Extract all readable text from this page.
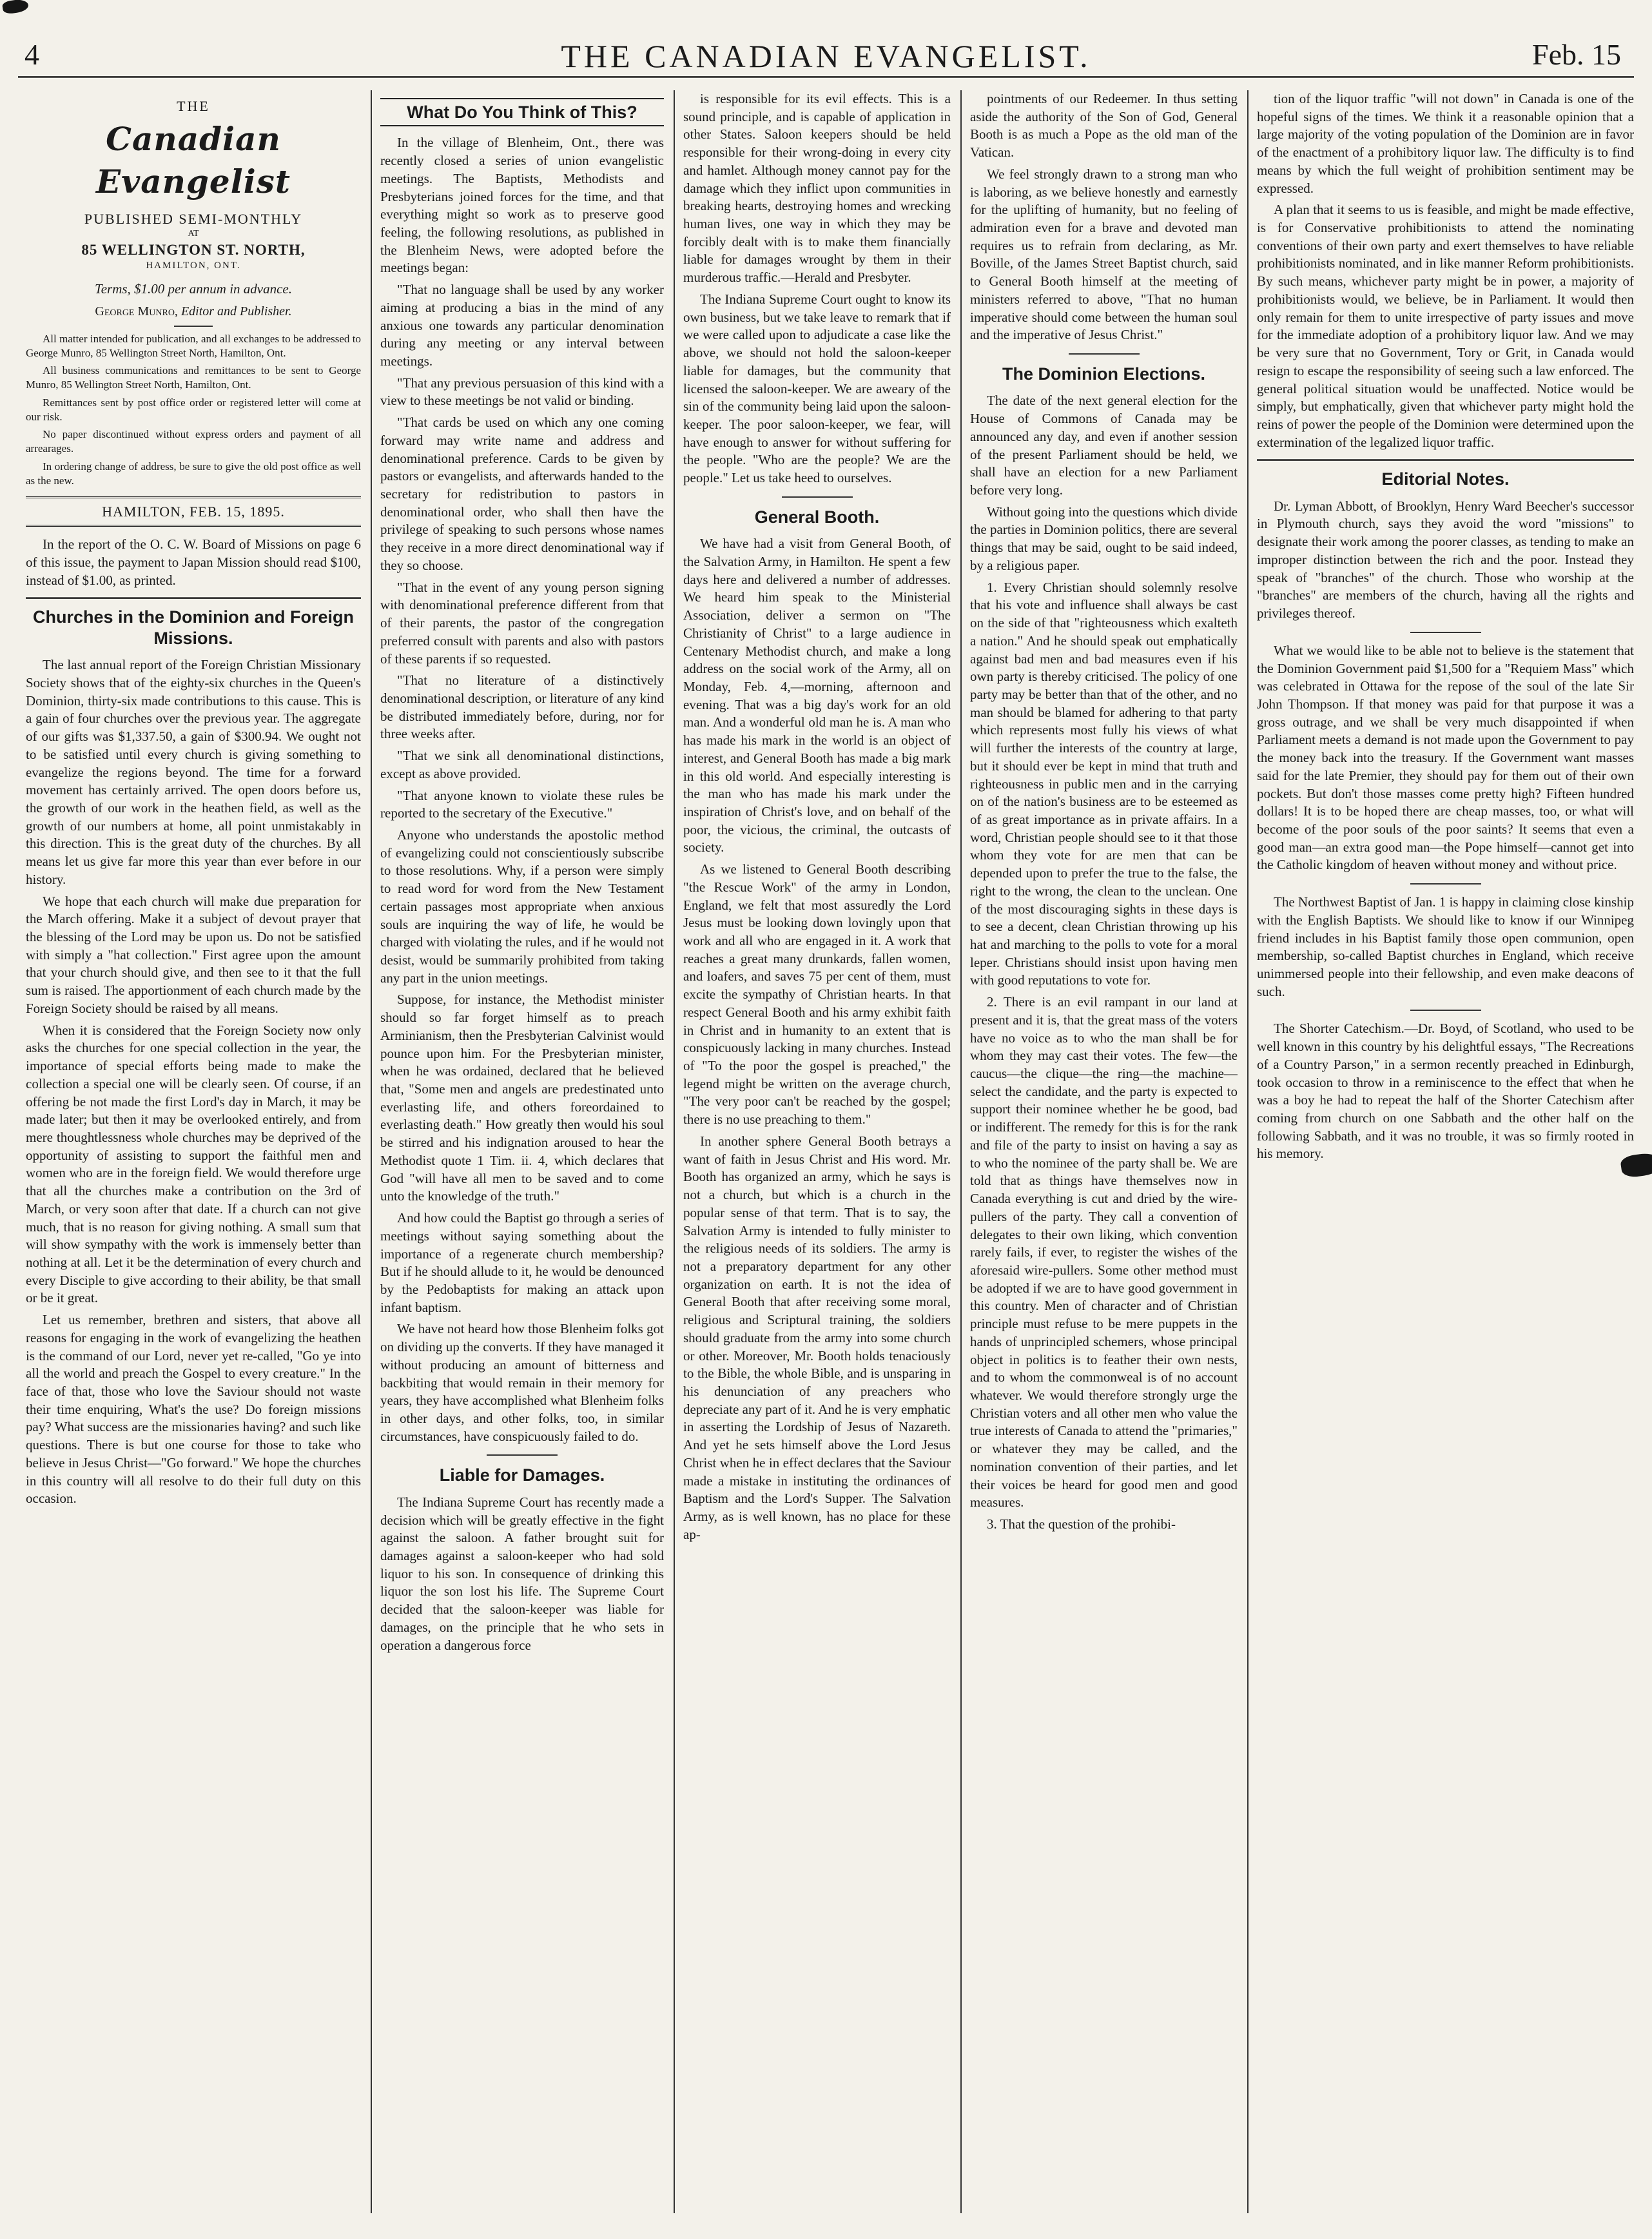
4	THE CANADIAN EVANGELIST.	Feb. 15
THE
Canadian Evangelist
PUBLISHED SEMI-MONTHLY
AT
85 WELLINGTON ST. NORTH,
HAMILTON, ONT.
Terms, $1.00 per annum in advance.
George Munro, Editor and Publisher.

All matter intended for publication, and all exchanges to be addressed to George Munro, 85 Wellington Street North, Hamilton, Ont.

All business communications and remittances to be sent to George Munro, 85 Wellington Street North, Hamilton, Ont.

Remittances sent by post office order or registered letter will come at our risk.

No paper discontinued without express orders and payment of all arrearages.

In ordering change of address, be sure to give the old post office as well as the new.

HAMILTON, FEB. 15, 1895.

In the report of the O. C. W. Board of Missions on page 6 of this issue, the payment to Japan Mission should read $100, instead of $1.00, as printed.

Churches in the Dominion and Foreign Missions.

The last annual report of the Foreign Christian Missionary Society shows that of the eighty-six churches in the Queen's Dominion, thirty-six made contributions to this cause. This is a gain of four churches over the previous year. The aggregate of our gifts was $1,337.50, a gain of $300.94. We ought not to be satisfied until every church is giving something to evangelize the regions beyond. The time for a forward movement has certainly arrived. The open doors before us, the growth of our work in the heathen field, as well as the growth of our numbers at home, all point unmistakably in this direction. This is the great duty of the churches. By all means let us give far more this year than ever before in our history.

We hope that each church will make due preparation for the March offering. Make it a subject of devout prayer that the blessing of the Lord may be upon us. Do not be satisfied with simply a "hat collection." First agree upon the amount that your church should give, and then see to it that the full sum is raised. The apportionment of each church made by the Foreign Society should be raised by all means.

When it is considered that the Foreign Society now only asks the churches for one special collection in the year, the importance of special efforts being made to make the collection a special one will be clearly seen. Of course, if an offering be not made the first Lord's day in March, it may be made later; but then it may be overlooked entirely, and from mere thoughtlessness whole churches may be deprived of the opportunity of assisting to support the faithful men and women who are in the foreign field. We would therefore urge that all the churches make a contribution on the 3rd of March, or very soon after that date. If a church can not give much, that is no reason for giving nothing. A small sum that will show sympathy with the work is immensely better than nothing at all. Let it be the determination of every church and every Disciple to give according to their ability, be that small or be it great.

Let us remember, brethren and sisters, that above all reasons for engaging in the work of evangelizing the heathen is the command of our Lord, never yet re-called, "Go ye into all the world and preach the Gospel to every creature." In the face of that, those who love the Saviour should not waste their time enquiring, What's the use? Do foreign missions pay? What success are the missionaries having? and such like questions. There is but one course for those to take who believe in Jesus Christ—"Go forward." We hope the churches in this country will all resolve to do their full duty on this occasion.

What Do You Think of This?

In the village of Blenheim, Ont., there was recently closed a series of union evangelistic meetings. The Baptists, Methodists and Presbyterians joined forces for the time, and that everything might so work as to preserve good feeling, the following resolutions, as published in the Blenheim News, were adopted before the meetings began:

"That no language shall be used by any worker aiming at producing a bias in the mind of any anxious one towards any particular denomination during any meeting or any interval between meetings.

"That any previous persuasion of this kind with a view to these meetings be not valid or binding.

"That cards be used on which any one coming forward may write name and address and denominational preference. Cards to be given by pastors or evangelists, and afterwards handed to the secretary for redistribution to pastors in denominational order, who shall then have the privilege of speaking to such persons whose names they receive in a more direct denominational way if they so choose.

"That in the event of any young person signing with denominational preference different from that of their parents, the pastor of the congregation preferred consult with parents and also with pastors of these parents if so requested.

"That no literature of a distinctively denominational description, or literature of any kind be distributed immediately before, during, nor for three weeks after.

"That we sink all denominational distinctions, except as above provided.

"That anyone known to violate these rules be reported to the secretary of the Executive."

Anyone who understands the apostolic method of evangelizing could not conscientiously subscribe to those resolutions. Why, if a person were simply to read word for word from the New Testament certain passages most appropriate when anxious souls are inquiring the way of life, he would be charged with violating the rules, and if he would not desist, would be summarily prohibited from taking any part in the union meetings.

Suppose, for instance, the Methodist minister should so far forget himself as to preach Arminianism, then the Presbyterian Calvinist would pounce upon him. For the Presbyterian minister, when he was ordained, declared that he believed that, "Some men and angels are predestinated unto everlasting life, and others foreordained to everlasting death." How greatly then would his soul be stirred and his indignation aroused to hear the Methodist quote 1 Tim. ii. 4, which declares that God "will have all men to be saved and to come unto the knowledge of the truth."

And how could the Baptist go through a series of meetings without saying something about the importance of a regenerate church membership? But if he should allude to it, he would be denounced by the Pedobaptists for making an attack upon infant baptism.

We have not heard how those Blenheim folks got on dividing up the converts. If they have managed it without producing an amount of bitterness and backbiting that would remain in their memory for years, they have accomplished what Blenheim folks in other days, and other folks, too, in similar circumstances, have conspicuously failed to do.

Liable for Damages.

The Indiana Supreme Court has recently made a decision which will be greatly effective in the fight against the saloon. A father brought suit for damages against a saloon-keeper who had sold liquor to his son. In consequence of drinking this liquor the son lost his life. The Supreme Court decided that the saloon-keeper was liable for damages, on the principle that he who sets in operation a dangerous force

is responsible for its evil effects. This is a sound principle, and is capable of application in other States. Saloon keepers should be held responsible for their wrong-doing in every city and hamlet. Although money cannot pay for the damage which they inflict upon communities in breaking hearts, destroying homes and wrecking human lives, one way in which they may be forcibly dealt with is to make them financially liable for damages wrought by them in their murderous traffic.—Herald and Presbyter.

The Indiana Supreme Court ought to know its own business, but we take leave to remark that if we were called upon to adjudicate a case like the above, we should not hold the saloon-keeper liable for damages, but the community that licensed the saloon-keeper. We are aweary of the sin of the community being laid upon the saloon-keeper. The poor saloon-keeper, we fear, will have enough to answer for without suffering for the people. "Who are the people? We are the people." Let us take heed to ourselves.

General Booth.

We have had a visit from General Booth, of the Salvation Army, in Hamilton. He spent a few days here and delivered a number of addresses. We heard him speak to the Ministerial Association, deliver a sermon on "The Christianity of Christ" to a large audience in Centenary Methodist church, and make a long address on the social work of the Army, all on Monday, Feb. 4,—morning, afternoon and evening. That was a big day's work for an old man. And a wonderful old man he is. A man who has made his mark in the world is an object of interest, and General Booth has made a big mark in this old world. And especially interesting is the man who has made his mark under the inspiration of Christ's love, and on behalf of the poor, the vicious, the criminal, the outcasts of society.

As we listened to General Booth describing "the Rescue Work" of the army in London, England, we felt that most assuredly the Lord Jesus must be looking down lovingly upon that work and all who are engaged in it. A work that reaches a great many drunkards, fallen women, and loafers, and saves 75 per cent of them, must excite the sympathy of Christian hearts. In that respect General Booth and his army exhibit faith in Christ and in humanity to an extent that is conspicuously lacking in many churches. Instead of "To the poor the gospel is preached," the legend might be written on the average church, "The very poor can't be reached by the gospel; there is no use preaching to them."

In another sphere General Booth betrays a want of faith in Jesus Christ and His word. Mr. Booth has organized an army, which he says is not a church, but which is a church in the popular sense of that term. That is to say, the Salvation Army is intended to fully minister to the religious needs of its soldiers. The army is not a preparatory department for any other organization on earth. It is not the idea of General Booth that after receiving some moral, religious and Scriptural training, the soldiers should graduate from the army into some church or other. Moreover, Mr. Booth holds tenaciously to the Bible, the whole Bible, and is unsparing in his denunciation of any preachers who depreciate any part of it. And he is very emphatic in asserting the Lordship of Jesus of Nazareth. And yet he sets himself above the Lord Jesus Christ when he in effect declares that the Saviour made a mistake in instituting the ordinances of Baptism and the Lord's Supper. The Salvation Army, as is well known, has no place for these ap-

pointments of our Redeemer. In thus setting aside the authority of the Son of God, General Booth is as much a Pope as the old man of the Vatican.

We feel strongly drawn to a strong man who is laboring, as we believe honestly and earnestly for the uplifting of humanity, but no feeling of admiration even for a brave and devoted man requires us to refrain from declaring, as Mr. Boville, of the James Street Baptist church, said to General Booth himself at the meeting of ministers referred to above, "That no human imperative should come between the human soul and the imperative of Jesus Christ."

The Dominion Elections.

The date of the next general election for the House of Commons of Canada may be announced any day, and even if another session of the present Parliament should be held, we shall have an election for a new Parliament before very long.

Without going into the questions which divide the parties in Dominion politics, there are several things that may be said, ought to be said indeed, by a religious paper.

1. Every Christian should solemnly resolve that his vote and influence shall always be cast on the side of that "righteousness which exalteth a nation." And he should speak out emphatically against bad men and bad measures even if his own party is thereby criticised. The policy of one party may be better than that of the other, and no man should be blamed for adhering to that party which represents most fully his views of what will further the interests of the country at large, but it should ever be kept in mind that truth and righteousness in public men and in the carrying on of the nation's business are to be esteemed as of as great importance as in private affairs. In a word, Christian people should see to it that those whom they vote for are men that can be depended upon to prefer the true to the false, the right to the wrong, the clean to the unclean. One of the most discouraging sights in these days is to see a decent, clean Christian throwing up his hat and marching to the polls to vote for a moral leper. Christians should insist upon having men with good reputations to vote for.

2. There is an evil rampant in our land at present and it is, that the great mass of the voters have no voice as to who the man shall be for whom they may cast their votes. The few—the caucus—the clique—the ring—the machine—select the candidate, and the party is expected to support their nominee whether he be good, bad or indifferent. The remedy for this is for the rank and file of the party to insist on having a say as to who the nominee of the party shall be. We are told that as things have themselves now in Canada everything is cut and dried by the wire-pullers of the party. They call a convention of delegates to their own liking, which convention rarely fails, if ever, to register the wishes of the aforesaid wire-pullers. Some other method must be adopted if we are to have good government in this country. Men of character and of Christian principle must refuse to be mere puppets in the hands of unprincipled schemers, whose principal object in politics is to feather their own nests, and to whom the commonweal is of no account whatever. We would therefore strongly urge the Christian voters and all other men who value the true interests of Canada to attend the "primaries," or whatever they may be called, and the nomination convention of their parties, and let their voices be heard for good men and good measures.

3. That the question of the prohibi-

tion of the liquor traffic "will not down" in Canada is one of the hopeful signs of the times. We think it a reasonable opinion that a large majority of the voting population of the Dominion are in favor of the enactment of a prohibitory liquor law. The difficulty is to find means by which the full weight of prohibition sentiment may be expressed.

A plan that it seems to us is feasible, and might be made effective, is for Conservative prohibitionists to attend the nominating conventions of their own party and exert themselves to have reliable prohibitionists nominated, and in like manner Reform prohibitionists. By such means, whichever party might be in power, a majority of prohibitionists would, we believe, be in Parliament. It would then only remain for them to unite irrespective of party issues and move for the immediate adoption of a prohibitory liquor law. And we may be very sure that no Government, Tory or Grit, in Canada would resign to escape the responsibility of seeing such a law enforced. The general political situation would be unaffected. Notice would be simply, but emphatically, given that whichever party might hold the reins of power the people of the Dominion were determined upon the extermination of the legalized liquor traffic.

Editorial Notes.

Dr. Lyman Abbott, of Brooklyn, Henry Ward Beecher's successor in Plymouth church, says they avoid the word "missions" to designate their work among the poorer classes, as tending to make an improper distinction between the rich and the poor. Instead they speak of "branches" of the church. Those who worship at the "branches" are members of the church, having all the rights and privileges thereof.

What we would like to be able not to believe is the statement that the Dominion Government paid $1,500 for a "Requiem Mass" which was celebrated in Ottawa for the repose of the soul of the late Sir John Thompson. If that money was paid for that purpose it was a gross outrage, and we shall be very much disappointed if when Parliament meets a demand is not made upon the Government to pay the money back into the treasury. If the Government want masses said for the late Premier, they should pay for them out of their own pockets. But don't those masses come pretty high? Fifteen hundred dollars! It is to be hoped there are cheap masses, too, or what will become of the poor souls of the poor saints? It seems that even a good man—an extra good man—the Pope himself—cannot get into the Catholic kingdom of heaven without money and without price.

The Northwest Baptist of Jan. 1 is happy in claiming close kinship with the English Baptists. We should like to know if our Winnipeg friend includes in his Baptist family those open communion, open membership, so-called Baptist churches in England, which receive unimmersed people into their fellowship, and even make deacons of such.

The Shorter Catechism.—Dr. Boyd, of Scotland, who used to be well known in this country by his delightful essays, "The Recreations of a Country Parson," in a sermon recently preached in Edinburgh, took occasion to throw in a reminiscence to the effect that when he was a boy he had to repeat the half of the Shorter Catechism after coming from church on one Sabbath and the other half on the following Sabbath, and it was no trouble, it was so firmly rooted in his memory.
